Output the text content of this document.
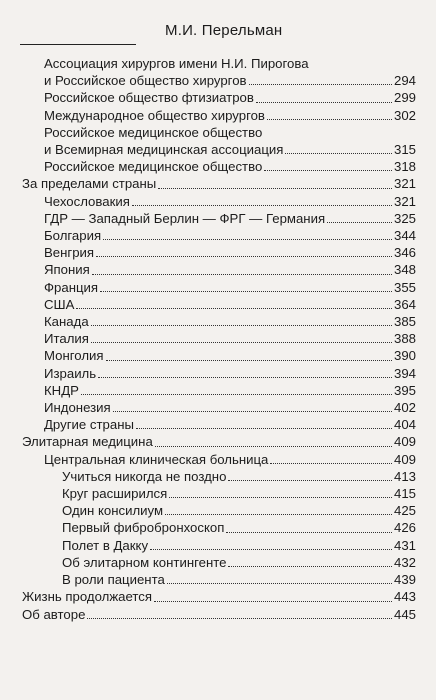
М.И. Перельман
Ассоциация хирургов имени Н.И. Пирогова
и Российское общество хирургов	294
Российское общество фтизиатров	299
Международное общество хирургов	302
Российское медицинское общество
и Всемирная медицинская ассоциация	315
Российское медицинское общество	318
За пределами страны	321
Чехословакия	321
ГДР — Западный Берлин — ФРГ — Германия	325
Болгария	344
Венгрия	346
Япония	348
Франция	355
США	364
Канада	385
Италия	388
Монголия	390
Израиль	394
КНДР	395
Индонезия	402
Другие страны	404
Элитарная медицина	409
Центральная клиническая больница	409
Учиться никогда не поздно	413
Круг расширился	415
Один консилиум	425
Первый фибробронхоскоп	426
Полет в Дакку	431
Об элитарном контингенте	432
В роли пациента	439
Жизнь продолжается	443
Об авторе	445
